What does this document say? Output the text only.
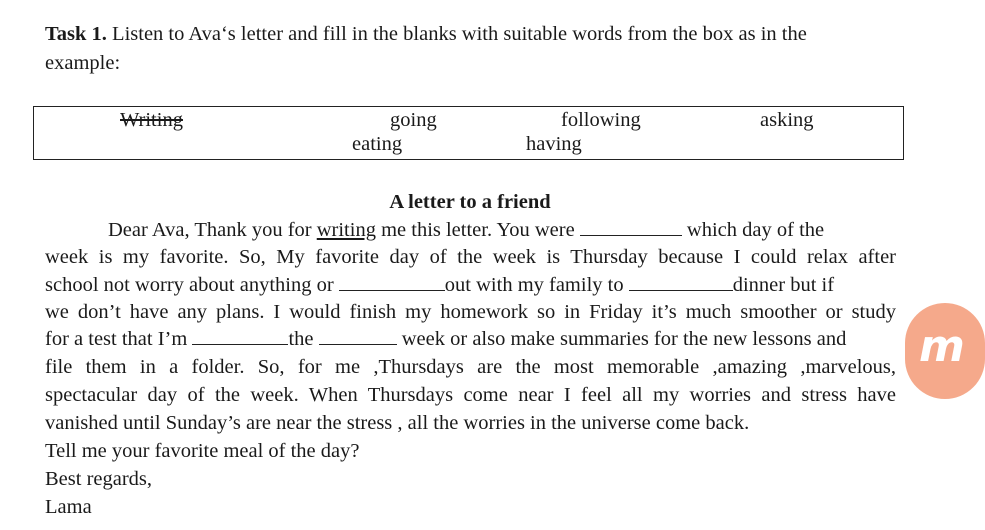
Task 1. Listen to Ava‘s letter and fill in the blanks with suitable words from the box as in the
example:
Writing	going	following	asking
eating	having
A letter to a friend
Dear Ava, Thank you for writing me this letter. You were	which day of the
week is my favorite. So, My favorite day of the week is Thursday because I could relax after
school not worry about anything or	out with my family to	dinner but if
we don’t have any plans. I would finish my homework so in Friday it’s much smoother or study
for a test that I’m	the	week or also make summaries for the new lessons and
file them in a folder. So, for me ,Thursdays are the most memorable ,amazing ,marvelous,
spectacular day of the week. When Thursdays come near I feel all my worries and stress have
vanished until Sunday’s are near the stress , all the worries in the universe come back.
Tell me your favorite meal of the day?
Best regards,
Lama
m
